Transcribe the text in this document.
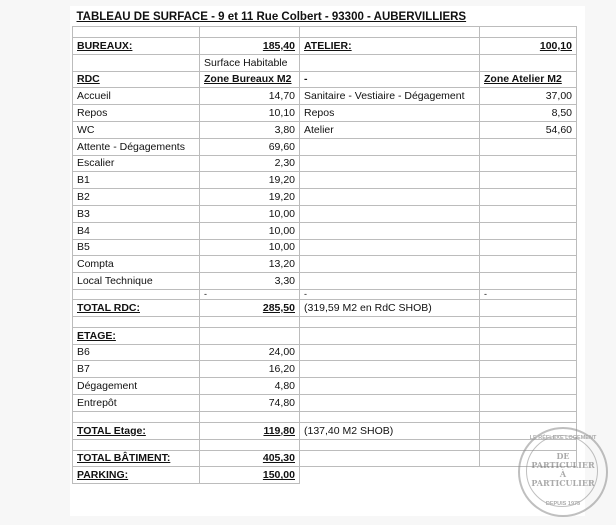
TABLEAU DE SURFACE - 9 et 11 Rue Colbert - 93300 - AUBERVILLIERS			

BUREAUX:	185,40	ATELIER:	100,10
	Surface Habitable		
RDC	Zone Bureaux M2	-	Zone Atelier M2
Accueil	14,70	Sanitaire - Vestiaire - Dégagement	37,00
Repos	10,10	Repos	8,50
WC	3,80	Atelier	54,60
Attente - Dégagements	69,60		
Escalier	2,30		
B1	19,20		
B2	19,20		
B3	10,00		
B4	10,00		
B5	10,00		
Compta	13,20		
Local Technique	3,30		
	-	-	-
TOTAL RDC:	285,50	(319,59 M2 en RdC SHOB)	

ETAGE:			
B6	24,00		
B7	16,20		
Dégagement	4,80		
Entrepôt	74,80		

TOTAL Etage:	119,80	(137,40 M2 SHOB)	

TOTAL BÂTIMENT:	405,30		
PARKING:	150,00		
LE RÉFLEXE LOGEMENT
DE
PARTICULIER
À
PARTICULIER
DEPUIS 1975
